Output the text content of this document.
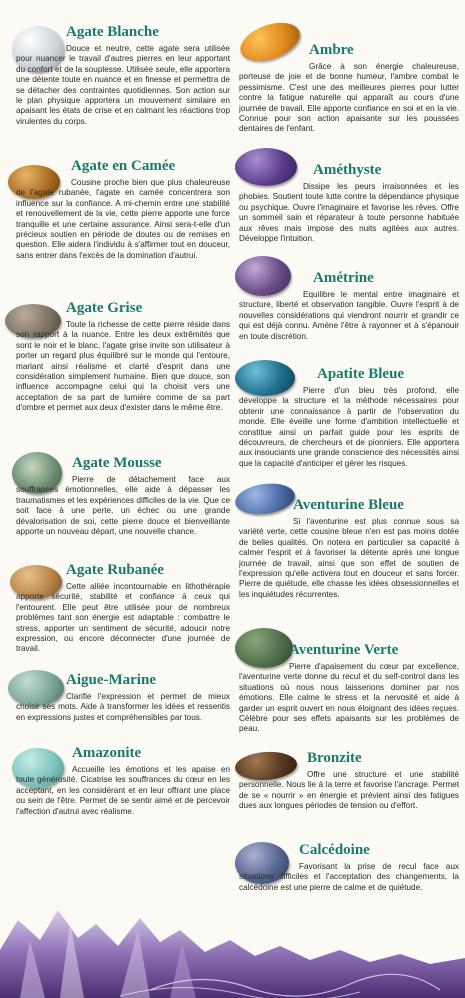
Agate Blanche
Douce et neutre, cette agate sera utilisée pour nuancer le travail d'autres pierres en leur apportant du confort et de la souplesse. Utilisée seule, elle apportera une détente toute en nuance et en finesse et permettra de se détacher des contraintes quotidiennes. Son action sur le plan physique apportera un mouvement similaire en apaisant les états de crise et en calmant les réactions trop virulentes du corps.
Agate en Camée
Cousine proche bien que plus chaleureuse de l'agate rubanée, l'agate en camée concentrera son influence sur la confiance. A mi-chemin entre une stabilité et renouvellement de la vie, cette pierre apporte une force tranquille et une certaine assurance. Ainsi sera-t-elle d'un précieux soutien en période de doutes ou de remises en question. Elle aidera l'individu à s'affirmer tout en douceur, sans entrer dans l'excès de la domination d'autrui.
Agate Grise
Toute la richesse de cette pierre réside dans son rapport à la nuance. Entre les deux extrêmités que sont le noir et le blanc, l'agate grise invite son utilisateur à porter un regard plus équilibré sur le monde qui l'entoure, mariant ainsi réalisme et clarté d'esprit dans une considération simplement humaine. Bien que douce, son influence accompagne celui qui la choisit vers une acceptation de sa part de lumière comme de sa part d'ombre et permet aux deux d'exister dans le même être.
Agate Mousse
Pierre de détachement face aux souffrances émotionnelles, elle aide à dépasser les traumatismes et les expériences difficiles de la vie. Que ce soit face à une perte, un échec ou une grande dévalorisation de soi, cette pierre douce et bienveillante apporte un nouveau départ, une nouvelle chance.
Agate Rubanée
Cette alliée incontournable en lithothérapie apporte sécurité, stabilité et confiance à ceux qui l'entourent. Elle peut être utilisée pour de nombreux problèmes tant son énergie est adaptable : combattre le stress, apporter un sentiment de sécurité, adoucir notre expression, ou encore déconnecter d'une journée de travail.
Aigue-Marine
Clarifie l'expression et permet de mieux choisir ses mots. Aide à transformer les idées et ressentis en expressions justes et compréhensibles par tous.
Amazonite
Accueille les émotions et les apaise en toute générosité. Cicatrise les souffrances du cœur en les acceptant, en les considérant et en leur offrant une place ou sein de l'être. Permet de se sentir aimé et de percevoir l'affection d'autrui avec réalisme.
Ambre
Grâce à son énergie chaleureuse, porteuse de joie et de bonne humeur, l'ambre combat le pessimisme. C'est une des meilleures pierres pour lutter contre la fatigue naturelle qui apparaît au cours d'une journée de travail. Elle apporte confiance en soi et en la vie. Connue pour son action apaisante sur les poussées dentaires de l'enfant.
Améthyste
Dissipe les peurs irraisonnées et les phobies. Soutient toute lutte contre la dépendance physique ou psychique. Ouvre l'imaginaire et favorise les rêves. Offre un sommeil sain et réparateur à toute personne habituée aux rêves mais impose des nuits agitées aux autres. Développe l'intuition.
Amétrine
Equilibre le mental entre imaginaire et structure, liberté et observation tangible. Ouvre l'esprit à de nouvelles considérations qui viendront nourrir et grandir ce qui est déjà connu. Amène l'être à rayonner et à s'épanouir en toute discrétion.
Apatite Bleue
Pierre d'un bleu très profond, elle développe la structure et la méthode nécessaires pour obtenir une connaissance à partir de l'observation du monde. Elle éveille une forme d'ambition intellectuelle et constitue ainsi un parfait guide pour les esprits de découvreurs, de chercheurs et de pionniers. Elle apportera aux insouciants une grande conscience des nécessités ainsi que la capacité d'anticiper et gérer les risques.
Aventurine Bleue
Si l'aventurine est plus connue sous sa variété verte, cette cousine bleue n'en est pas moins dotée de belles qualités. On notera en particulier sa capacité à calmer l'esprit et à favoriser la détente après une longue journée de travail, ainsi que son effet de soutien de l'expression qu'elle activera tout en douceur et sans forcer. Pierre de quiétude, elle chasse les idées obsessionnelles et les inquiétudes récurrentes.
Aventurine Verte
Pierre d'apaisement du cœur par excellence, l'aventurine verte donne du recul et du self-control dans les situations où nous nous laisserions dominer par nos émotions. Elle calme le stress et la nervosité et aide à garder un esprit ouvert en nous éloignant des idées reçues. Célèbre pour ses effets apaisants sur les problèmes de peau.
Bronzite
Offre une structure et une stabilité personnelle. Nous lie à la terre et favorise l'ancrage. Permet de se « nourrir » en énergie et prévient ainsi des fatigues dues aux longues périodes de tension ou d'effort.
Calcédoine
Favorisant la prise de recul face aux situations difficiles et l'acceptation des changements, la calcédoine est une pierre de calme et de quiétude.
